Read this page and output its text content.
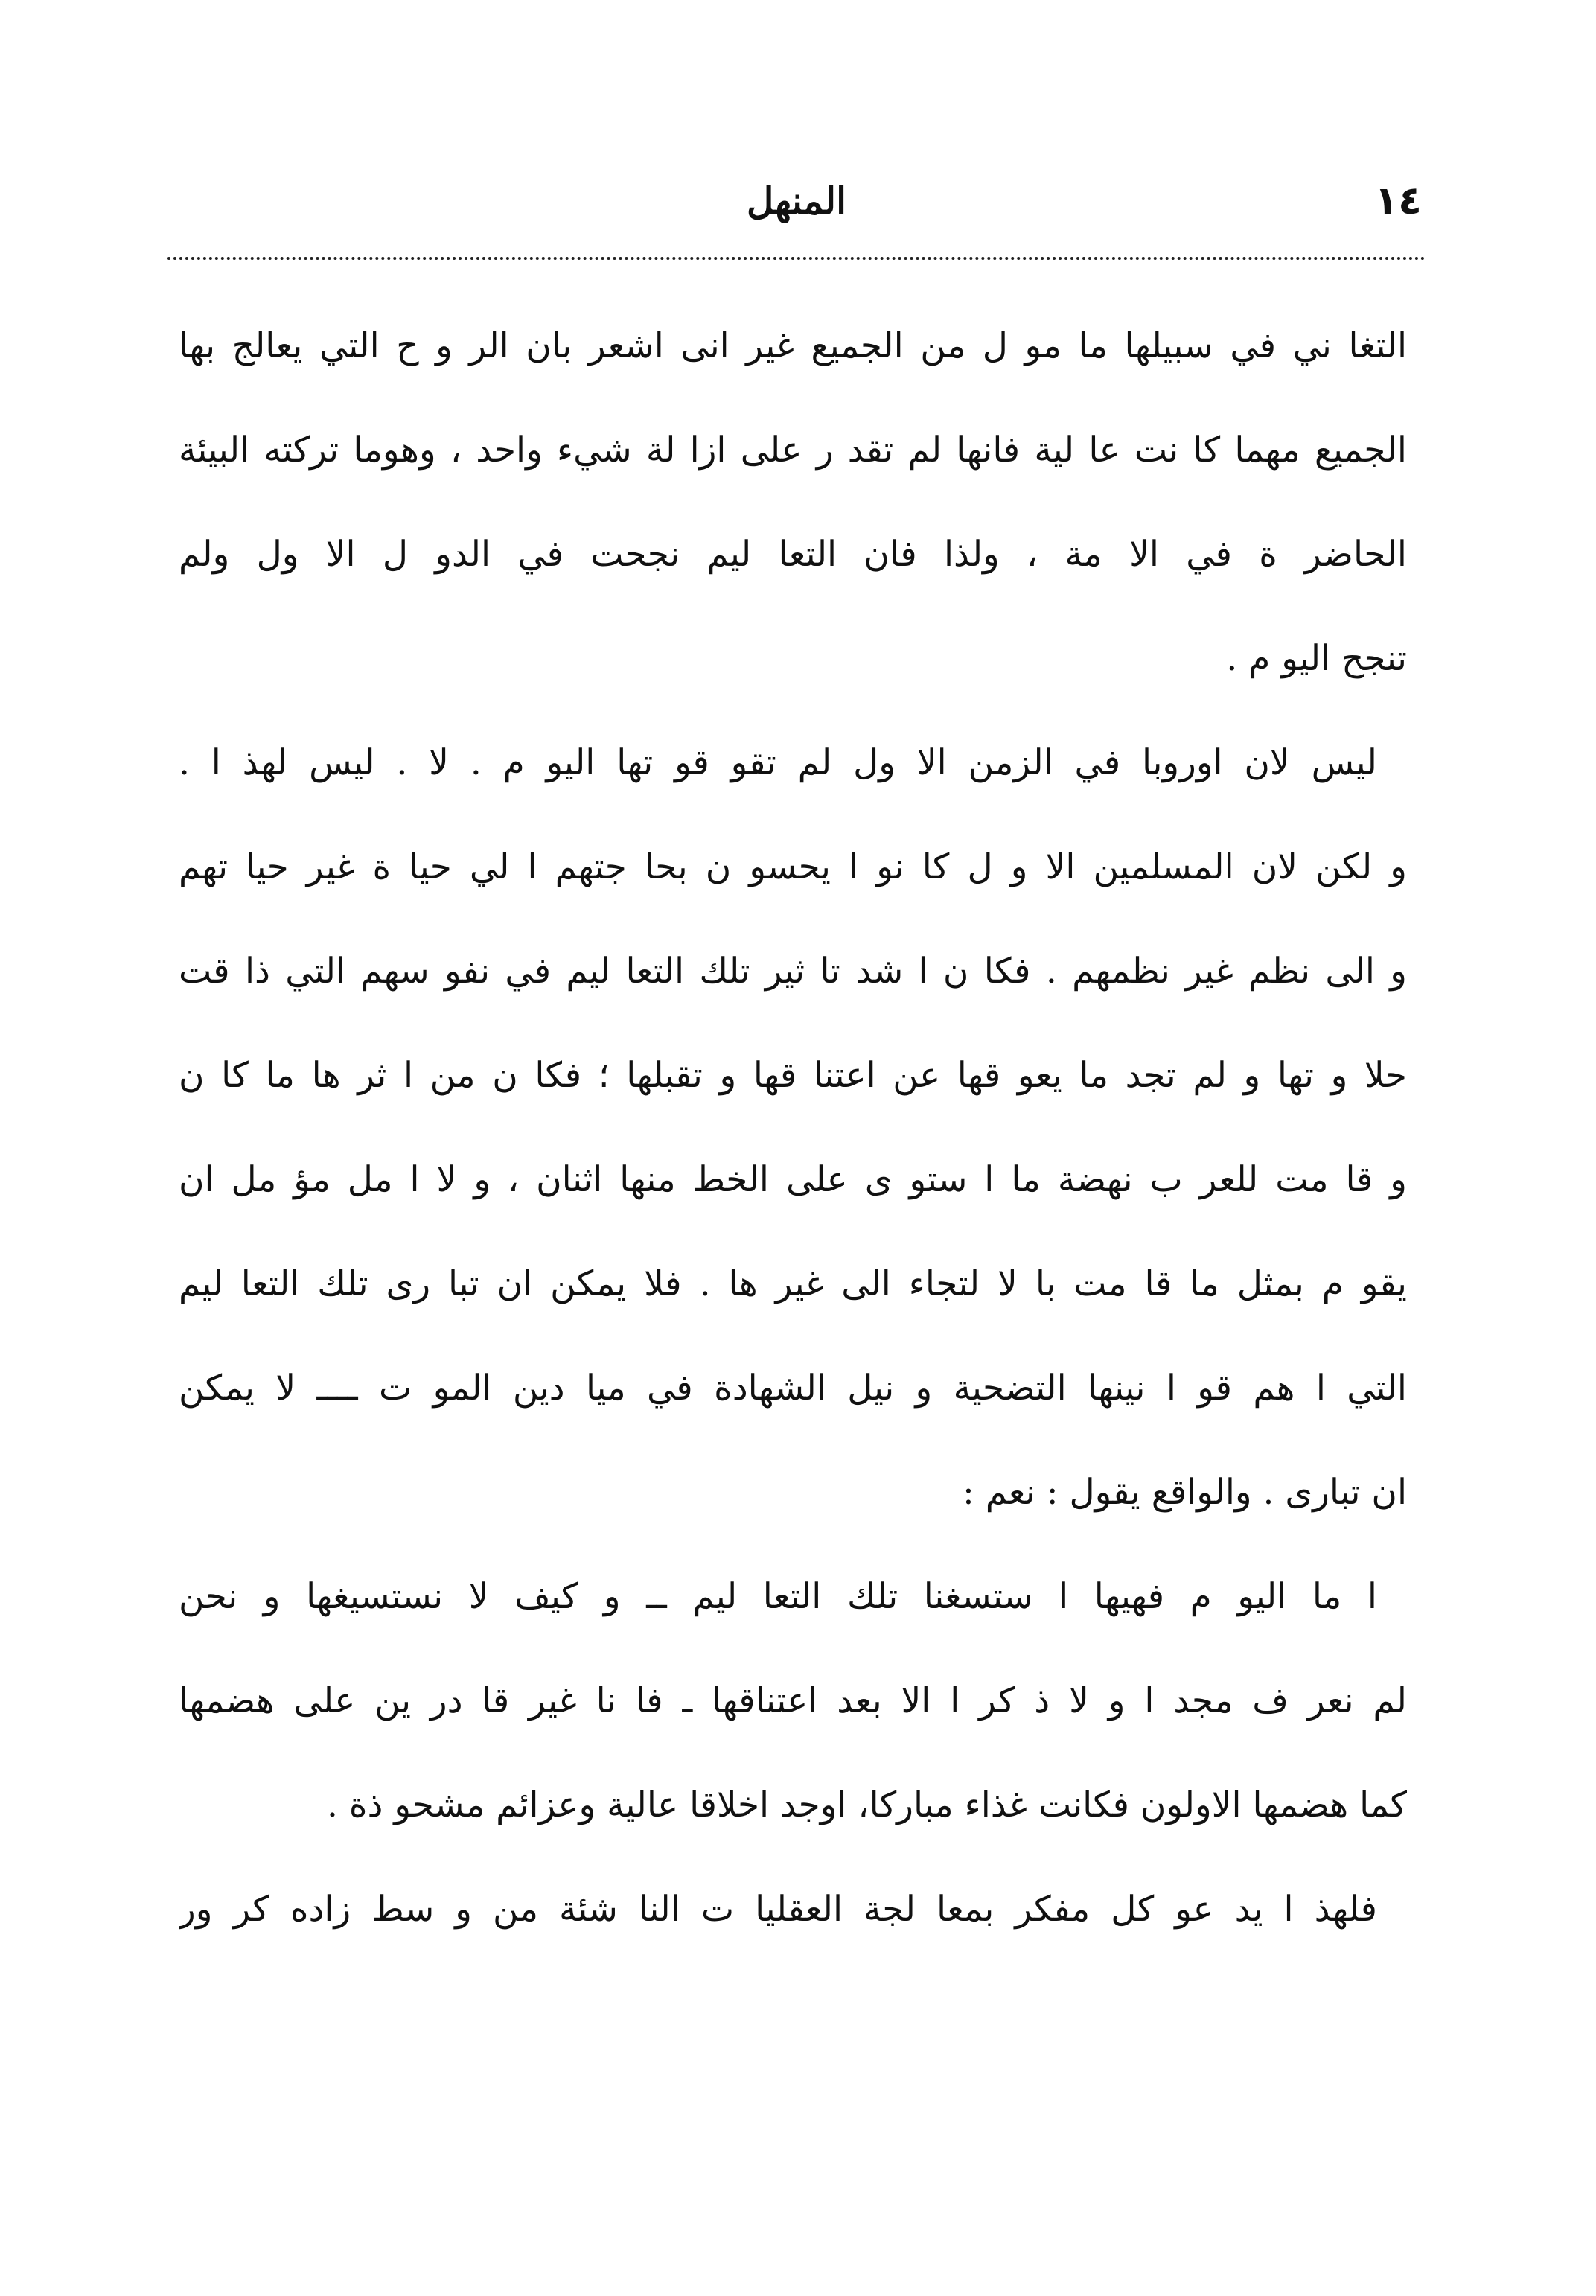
١٤
المنهل
التغا ني في سبيلها ما مو ل من الجميع غير انى اشعر بان الر و ح التي يعالج بها
الجميع مهما كا نت عا لية فانها لم تقد ر على ازا لة شيء واحد ، وهوما تركته البيئة
الحاضر ة في الا مة ، ولذا فان التعا ليم نجحت في الدو ل الا ول ولم
تنجح اليو م .
ليس لان اوروبا في الزمن الا ول لم تقو قو تها اليو م . لا . ليس لهذ ا .
و لكن لان المسلمين الا و ل كا نو ا يحسو ن بحا جتهم ا لي حيا ة غير حيا تهم
و الى نظم غير نظمهم . فكا ن ا شد تا ثير تلك التعا ليم في نفو سهم التي ذا قت
حلا و تها و لم تجد ما يعو قها عن اعتنا قها و تقبلها ؛ فكا ن من ا ثر ها ما كا ن
و قا مت للعر ب نهضة ما ا ستو ى على الخط منها اثنان ، و لا ا مل مؤ مل ان
يقو م بمثل ما قا مت با لا لتجاء الى غير ها . فلا يمكن ان تبا رى تلك التعا ليم
التي ا هم قو ا نينها التضحية و نيل الشهادة في ميا دين المو ت ــــ لا يمكن
ان تبارى . والواقع يقول : نعم :
ا ما اليو م فهيها ا ستسغنا تلك التعا ليم ــ و كيف لا نستسيغها و نحن
لم نعر ف مجد ا و لا ذ كر ا الا بعد اعتناقها ـ فا نا غير قا در ين على هضمها
كما هضمها الاولون فكانت غذاء مباركا، اوجد اخلاقا عالية وعزائم مشحو ذة .
فلهذ ا يد عو كل مفكر بمعا لجة العقليا ت النا شئة من و سط زاده كر ور
